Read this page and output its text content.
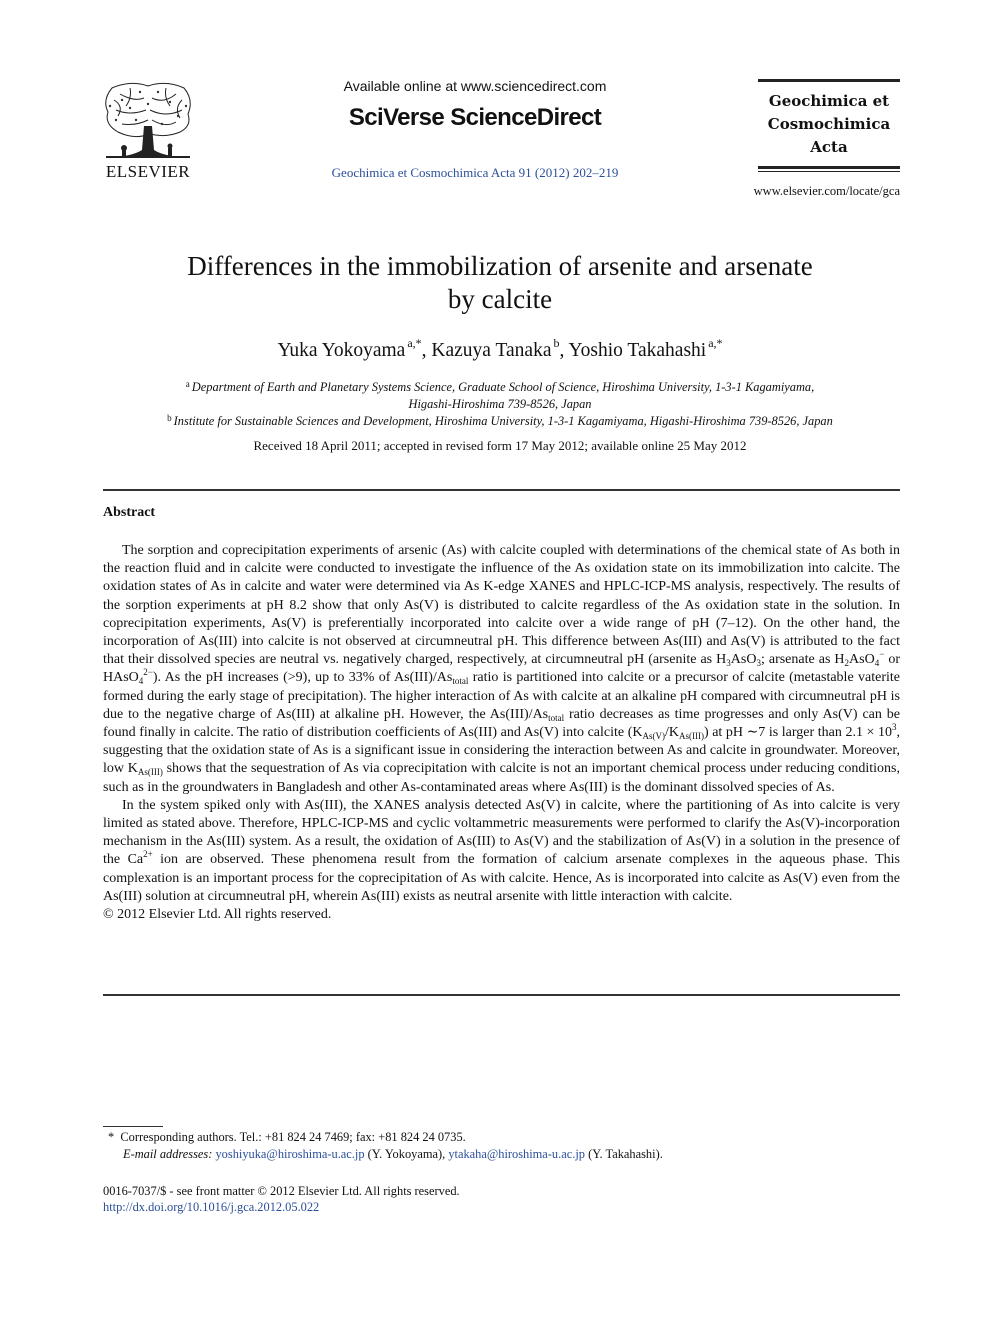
ELSEVIER
Available online at www.sciencedirect.com
SciVerse ScienceDirect
Geochimica et Cosmochimica Acta 91 (2012) 202–219
Geochimica et
Cosmochimica
Acta
www.elsevier.com/locate/gca
Differences in the immobilization of arsenite and arsenate
by calcite
Yuka Yokoyama $^{a,*}$, Kazuya Tanaka $^b$, Yoshio Takahashi $^{a,*}$
$^a$ Department of Earth and Planetary Systems Science, Graduate School of Science, Hiroshima University, 1-3-1 Kagamiyama,
Higashi-Hiroshima 739-8526, Japan
$^b$ Institute for Sustainable Sciences and Development, Hiroshima University, 1-3-1 Kagamiyama, Higashi-Hiroshima 739-8526, Japan
Received 18 April 2011; accepted in revised form 17 May 2012; available online 25 May 2012
Abstract

The sorption and coprecipitation experiments of arsenic (As) with calcite coupled with determinations of the chemical state of As both in the reaction fluid and in calcite were conducted to investigate the influence of the As oxidation state on its immobilization into calcite. The oxidation states of As in calcite and water were determined via As K-edge XANES and HPLC-ICP-MS analysis, respectively. The results of the sorption experiments at pH 8.2 show that only As(V) is distributed to calcite regardless of the As oxidation state in the solution. In coprecipitation experiments, As(V) is preferentially incorporated into calcite over a wide range of pH (7–12). On the other hand, the incorporation of As(III) into calcite is not observed at circumneutral pH. This difference between As(III) and As(V) is attributed to the fact that their dissolved species are neutral vs. negatively charged, respectively, at circumneutral pH (arsenite as $H_3AsO_3$; arsenate as $H_2AsO_4^-$ or HAsO$_4^{2-}$). As the pH increases (>9), up to 33% of $As(III)/As_{total}$ ratio is partitioned into calcite or a precursor of calcite (metastable vaterite formed during the early stage of precipitation). The higher interaction of As with calcite at an alkaline pH compared with circumneutral pH is due to the negative charge of As(III) at alkaline pH. However, the $As(III)/As_{total}$ ratio decreases as time progresses and only As(V) can be found finally in calcite. The ratio of distribution coefficients of As(III) and As(V) into calcite $(K_{As(V)}/K_{As(III)})$ at pH ∼7 is larger than $2.1 \times 10^3$, suggesting that the oxidation state of As is a significant issue in considering the interaction between As and calcite in groundwater. Moreover, low $K_{As(III)}$ shows that the sequestration of As via coprecipitation with calcite is not an important chemical process under reducing conditions, such as in the groundwaters in Bangladesh and other As-contaminated areas where As(III) is the dominant dissolved species of As.

In the system spiked only with As(III), the XANES analysis detected As(V) in calcite, where the partitioning of As into calcite is very limited as stated above. Therefore, HPLC-ICP-MS and cyclic voltammetric measurements were performed to clarify the As(V)-incorporation mechanism in the As(III) system. As a result, the oxidation of As(III) to As(V) and the stabilization of As(V) in a solution in the presence of the $Ca^{2+}$ ion are observed. These phenomena result from the formation of calcium arsenate complexes in the aqueous phase. This complexation is an important process for the coprecipitation of As with calcite. Hence, As is incorporated into calcite as As(V) even from the As(III) solution at circumneutral pH, wherein As(III) exists as neutral arsenite with little interaction with calcite.

© 2012 Elsevier Ltd. All rights reserved.
* Corresponding authors. Tel.: +81 824 24 7469; fax: +81 824 24 0735.
E-mail addresses: yoshiyuka@hiroshima-u.ac.jp (Y. Yokoyama), ytakaha@hiroshima-u.ac.jp (Y. Takahashi).
0016-7037/$ - see front matter © 2012 Elsevier Ltd. All rights reserved.
http://dx.doi.org/10.1016/j.gca.2012.05.022
